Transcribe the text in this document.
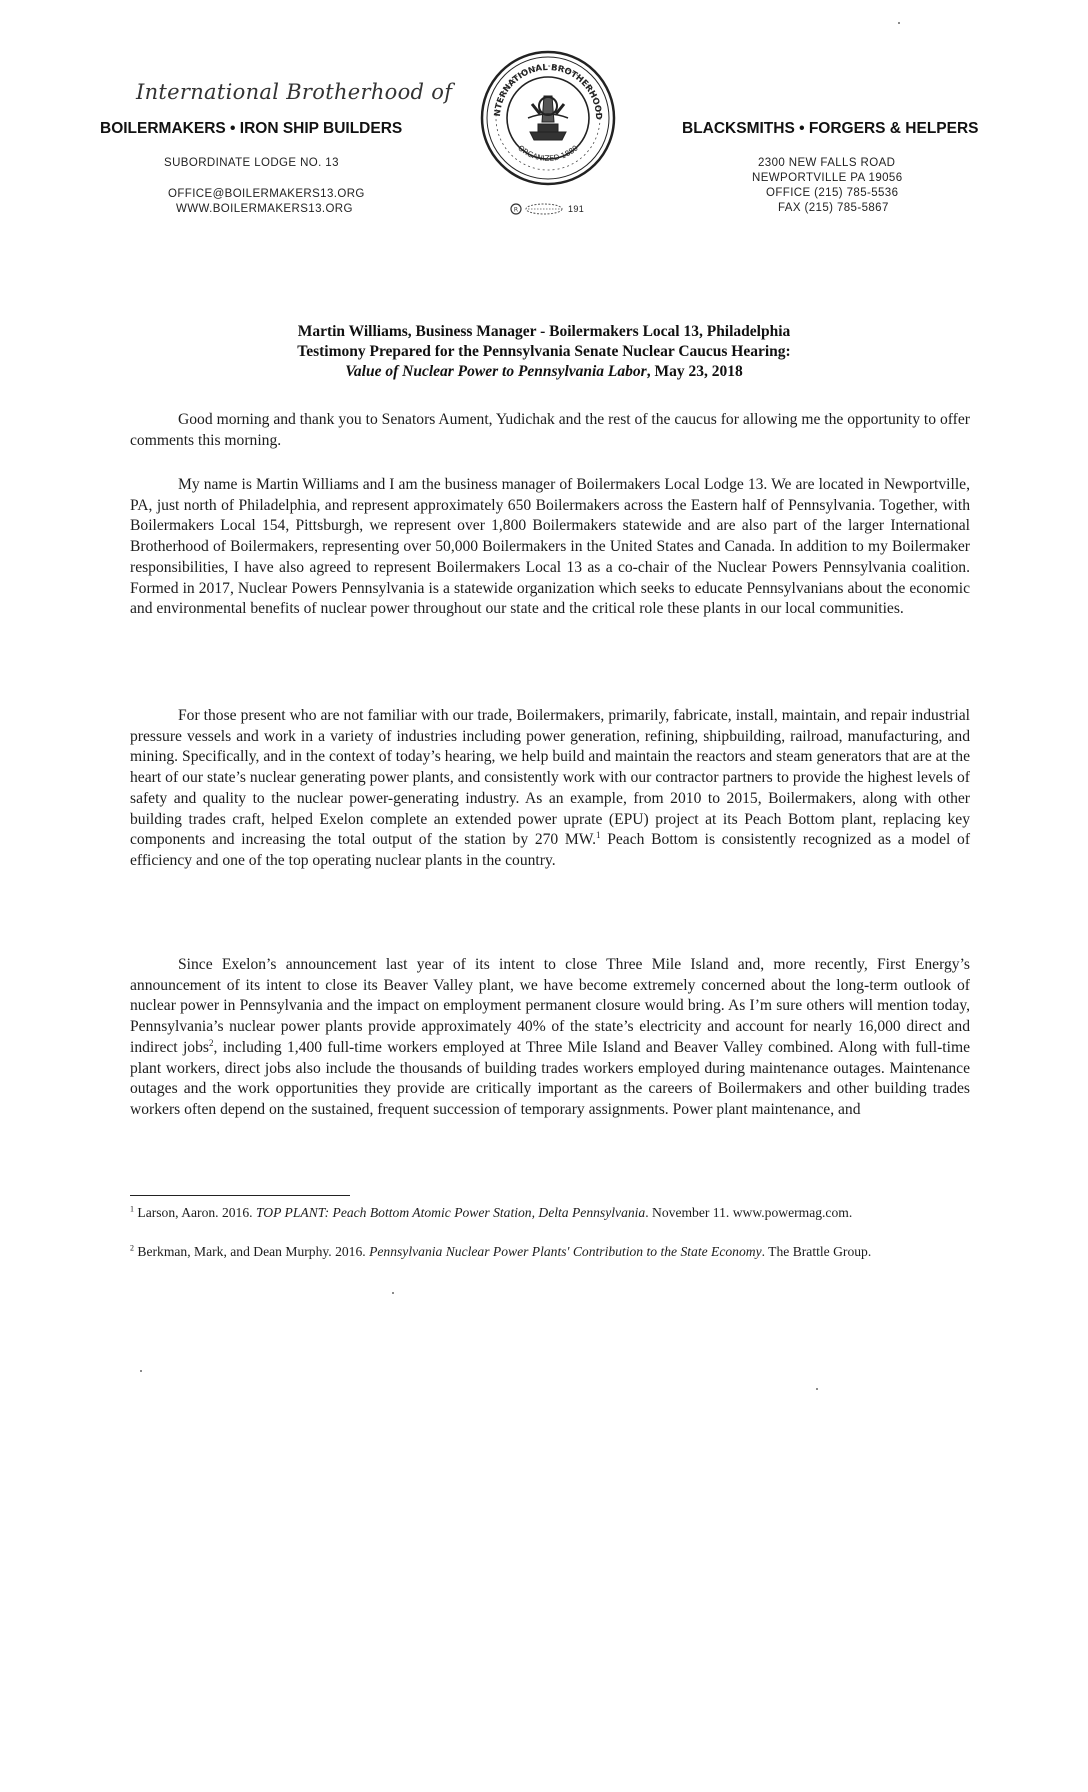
International Brotherhood of
BOILERMAKERS • IRON SHIP BUILDERS
SUBORDINATE LODGE NO. 13
OFFICE@BOILERMAKERS13.ORG
WWW.BOILERMAKERS13.ORG
NTERNATIONAL BROTHERHOOD
ORGANIZED 1880
R	191
BLACKSMITHS • FORGERS & HELPERS
2300 NEW FALLS ROAD
NEWPORTVILLE PA 19056
OFFICE (215) 785-5536
FAX (215) 785-5867
Martin Williams, Business Manager - Boilermakers Local 13, Philadelphia
Testimony Prepared for the Pennsylvania Senate Nuclear Caucus Hearing:
Value of Nuclear Power to Pennsylvania Labor, May 23, 2018
Good morning and thank you to Senators Aument, Yudichak and the rest of the caucus for allowing me the opportunity to offer comments this morning.
My name is Martin Williams and I am the business manager of Boilermakers Local Lodge 13. We are located in Newportville, PA, just north of Philadelphia, and represent approximately 650 Boilermakers across the Eastern half of Pennsylvania. Together, with Boilermakers Local 154, Pittsburgh, we represent over 1,800 Boilermakers statewide and are also part of the larger International Brotherhood of Boilermakers, representing over 50,000 Boilermakers in the United States and Canada. In addition to my Boilermaker responsibilities, I have also agreed to represent Boilermakers Local 13 as a co-chair of the Nuclear Powers Pennsylvania coalition. Formed in 2017, Nuclear Powers Pennsylvania is a statewide organization which seeks to educate Pennsylvanians about the economic and environmental benefits of nuclear power throughout our state and the critical role these plants in our local communities.
For those present who are not familiar with our trade, Boilermakers, primarily, fabricate, install, maintain, and repair industrial pressure vessels and work in a variety of industries including power generation, refining, shipbuilding, railroad, manufacturing, and mining. Specifically, and in the context of today’s hearing, we help build and maintain the reactors and steam generators that are at the heart of our state’s nuclear generating power plants, and consistently work with our contractor partners to provide the highest levels of safety and quality to the nuclear power-generating industry. As an example, from 2010 to 2015, Boilermakers, along with other building trades craft, helped Exelon complete an extended power uprate (EPU) project at its Peach Bottom plant, replacing key components and increasing the total output of the station by 270 MW.$^1$ Peach Bottom is consistently recognized as a model of efficiency and one of the top operating nuclear plants in the country.
Since Exelon’s announcement last year of its intent to close Three Mile Island and, more recently, First Energy’s announcement of its intent to close its Beaver Valley plant, we have become extremely concerned about the long-term outlook of nuclear power in Pennsylvania and the impact on employment permanent closure would bring. As I’m sure others will mention today, Pennsylvania’s nuclear power plants provide approximately 40% of the state’s electricity and account for nearly 16,000 direct and indirect jobs$^2$, including 1,400 full-time workers employed at Three Mile Island and Beaver Valley combined. Along with full-time plant workers, direct jobs also include the thousands of building trades workers employed during maintenance outages. Maintenance outages and the work opportunities they provide are critically important as the careers of Boilermakers and other building trades workers often depend on the sustained, frequent succession of temporary assignments. Power plant maintenance, and
$^1$ Larson, Aaron. 2016. TOP PLANT: Peach Bottom Atomic Power Station, Delta Pennsylvania. November 11. www.powermag.com.
$^2$ Berkman, Mark, and Dean Murphy. 2016. Pennsylvania Nuclear Power Plants' Contribution to the State Economy. The Brattle Group.
